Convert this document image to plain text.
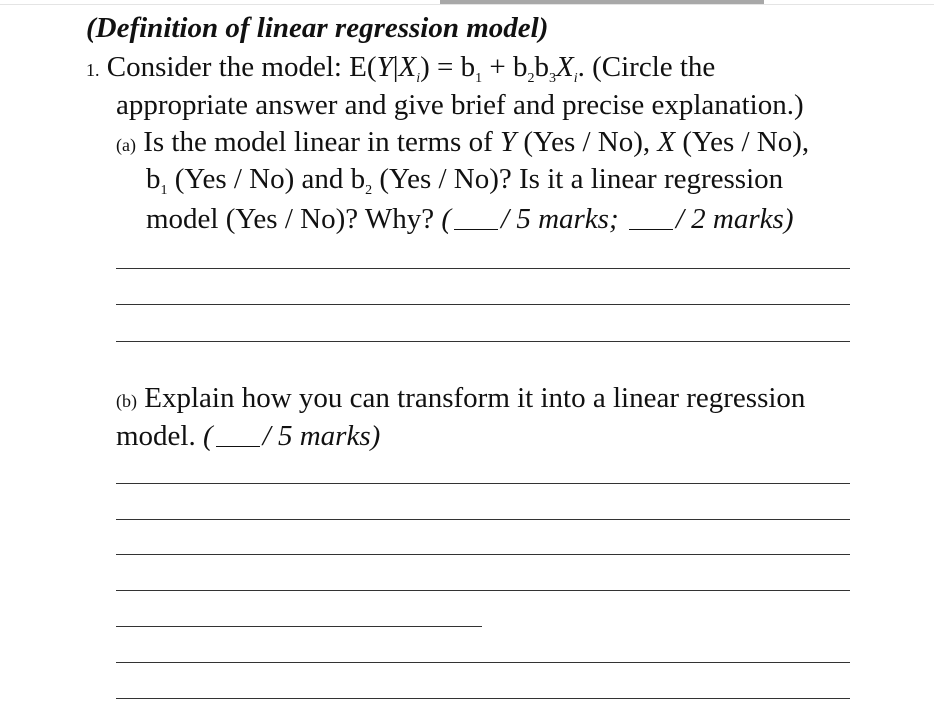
(Definition of linear regression model)
1. Consider the model: $E(Y|X_i) = b_1 + b_2b_3X_i$. (Circle the
appropriate answer and give brief and precise explanation.)
(a) Is the model linear in terms of Y (Yes / No), X (Yes / No),
$b_1$ (Yes / No) and $b_2$ (Yes / No)? Is it a linear regression
model (Yes / No)? Why? ( / 5 marks; / 2 marks)
(b) Explain how you can transform it into a linear regression
model. ( / 5 marks)
